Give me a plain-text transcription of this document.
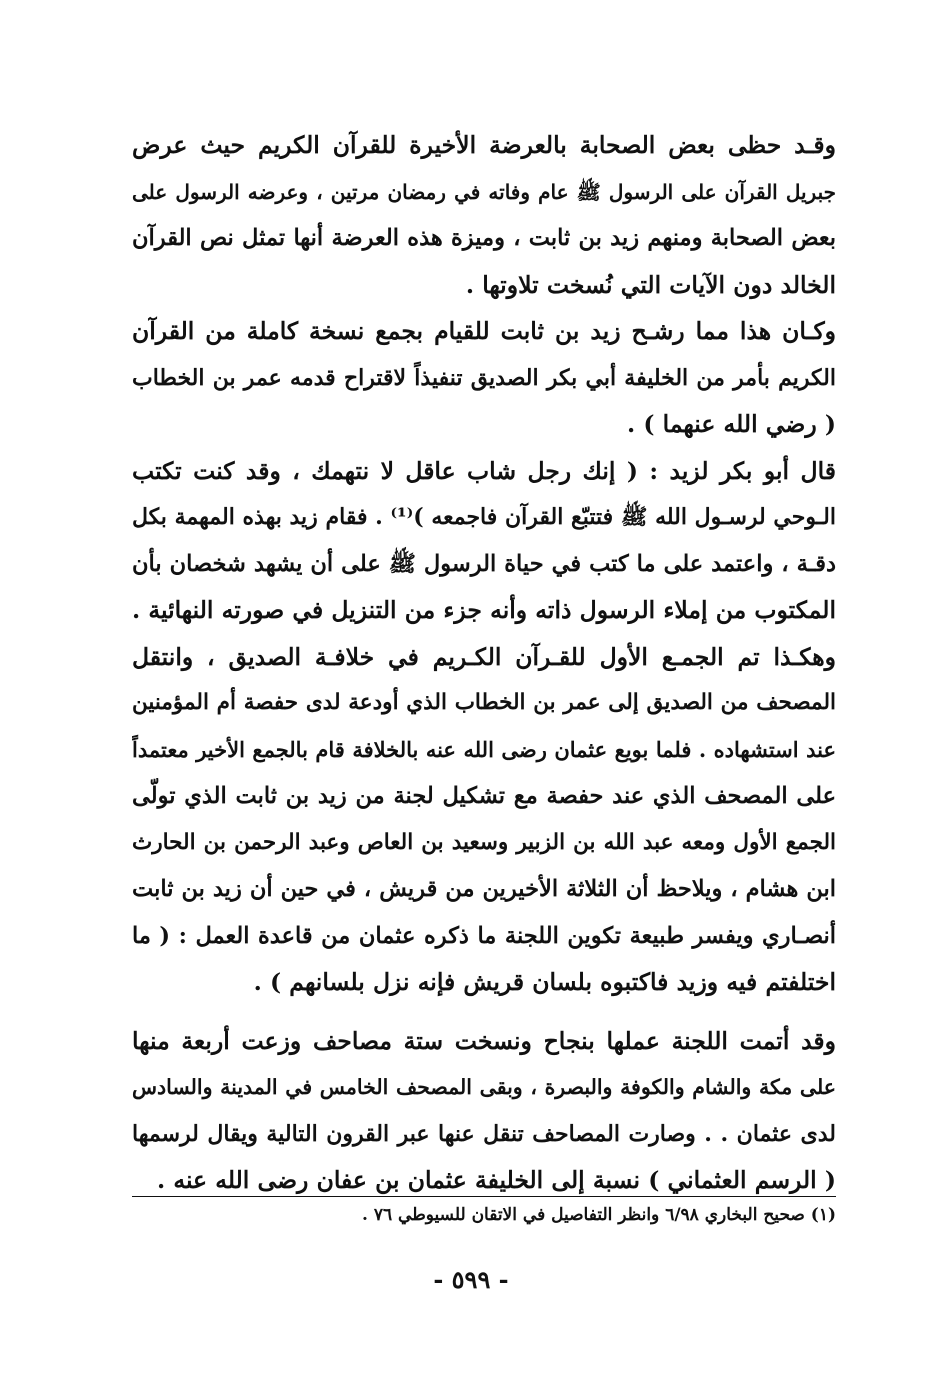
وقـد حظى بعض الصحابة بالعرضة الأخيرة للقرآن الكريم حيث عرض
جبريل القرآن على الرسول ﷺ عام وفاته في رمضان مرتين ، وعرضه الرسول على
بعض الصحابة ومنهم زيد بن ثابت ، وميزة هذه العرضة أنها تمثل نص القرآن
الخالد دون الآيات التي نُسخت تلاوتها .
وكـان هذا مما رشـح زيد بن ثابت للقيام بجمع نسخة كاملة من القرآن
الكريم بأمر من الخليفة أبي بكر الصديق تنفيذاً لاقتراح قدمه عمر بن الخطاب
( رضي الله عنهما ) .
قال أبو بكر لزيد : ( إنك رجل شاب عاقل لا نتهمك ، وقد كنت تكتب
الـوحي لرسـول الله ﷺ فتتبّع القرآن فاجمعه )⁽¹⁾ . فقام زيد بهذه المهمة بكل
دقـة ، واعتمد على ما كتب في حياة الرسول ﷺ على أن يشهد شخصان بأن
المكتوب من إملاء الرسول ذاته وأنه جزء من التنزيل في صورته النهائية .
وهكـذا تم الجمـع الأول للقـرآن الكـريم في خلافـة الصديق ، وانتقل
المصحف من الصديق إلى عمر بن الخطاب الذي أودعة لدى حفصة أم المؤمنين
عند استشهاده . فلما بويع عثمان رضى الله عنه بالخلافة قام بالجمع الأخير معتمداً
على المصحف الذي عند حفصة مع تشكيل لجنة من زيد بن ثابت الذي تولّى
الجمع الأول ومعه عبد الله بن الزبير وسعيد بن العاص وعبد الرحمن بن الحارث
ابن هشام ، ويلاحظ أن الثلاثة الأخيرين من قريش ، في حين أن زيد بن ثابت
أنصـاري ويفسر طبيعة تكوين اللجنة ما ذكره عثمان من قاعدة العمل : ( ما
اختلفتم فيه وزيد فاكتبوه بلسان قريش فإنه نزل بلسانهم ) .
وقد أتمت اللجنة عملها بنجاح ونسخت ستة مصاحف وزعت أربعة منها
على مكة والشام والكوفة والبصرة ، وبقى المصحف الخامس في المدينة والسادس
لدى عثمان . . وصارت المصاحف تنقل عنها عبر القرون التالية ويقال لرسمها
( الرسم العثماني ) نسبة إلى الخليفة عثمان بن عفان رضى الله عنه .
(١) صحيح البخاري ٦/٩٨ وانظر التفاصيل في الاتقان للسيوطي ٧٦ .
- ٥٩٩ -
